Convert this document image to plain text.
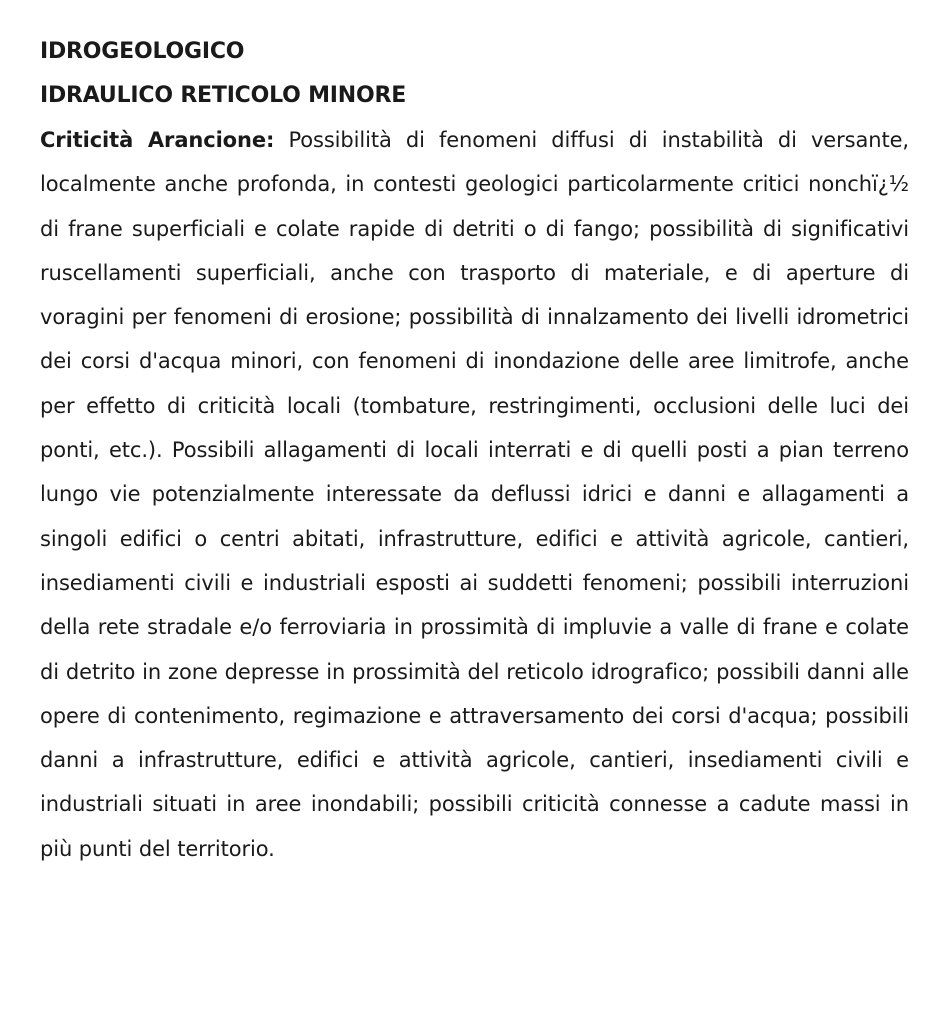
IDROGEOLOGICO

IDRAULICO RETICOLO MINORE

Criticità Arancione: Possibilità di fenomeni diffusi di instabilità di versante, localmente anche profonda, in contesti geologici particolarmente critici nonchï¿½ di frane superficiali e colate rapide di detriti o di fango; possibilità di significativi ruscellamenti superficiali, anche con trasporto di materiale, e di aperture di voragini per fenomeni di erosione; possibilità di innalzamento dei livelli idrometrici dei corsi d'acqua minori, con fenomeni di inondazione delle aree limitrofe, anche per effetto di criticità locali (tombature, restringimenti, occlusioni delle luci dei ponti, etc.). Possibili allagamenti di locali interrati e di quelli posti a pian terreno lungo vie potenzialmente interessate da deflussi idrici e danni e allagamenti a singoli edifici o centri abitati, infrastrutture, edifici e attività agricole, cantieri, insediamenti civili e industriali esposti ai suddetti fenomeni; possibili interruzioni della rete stradale e/o ferroviaria in prossimità di impluvie a valle di frane e colate di detrito in zone depresse in prossimità del reticolo idrografico; possibili danni alle opere di contenimento, regimazione e attraversamento dei corsi d'acqua; possibili danni a infrastrutture, edifici e attività agricole, cantieri, insediamenti civili e industriali situati in aree inondabili; possibili criticità connesse a cadute massi in più punti del territorio.
